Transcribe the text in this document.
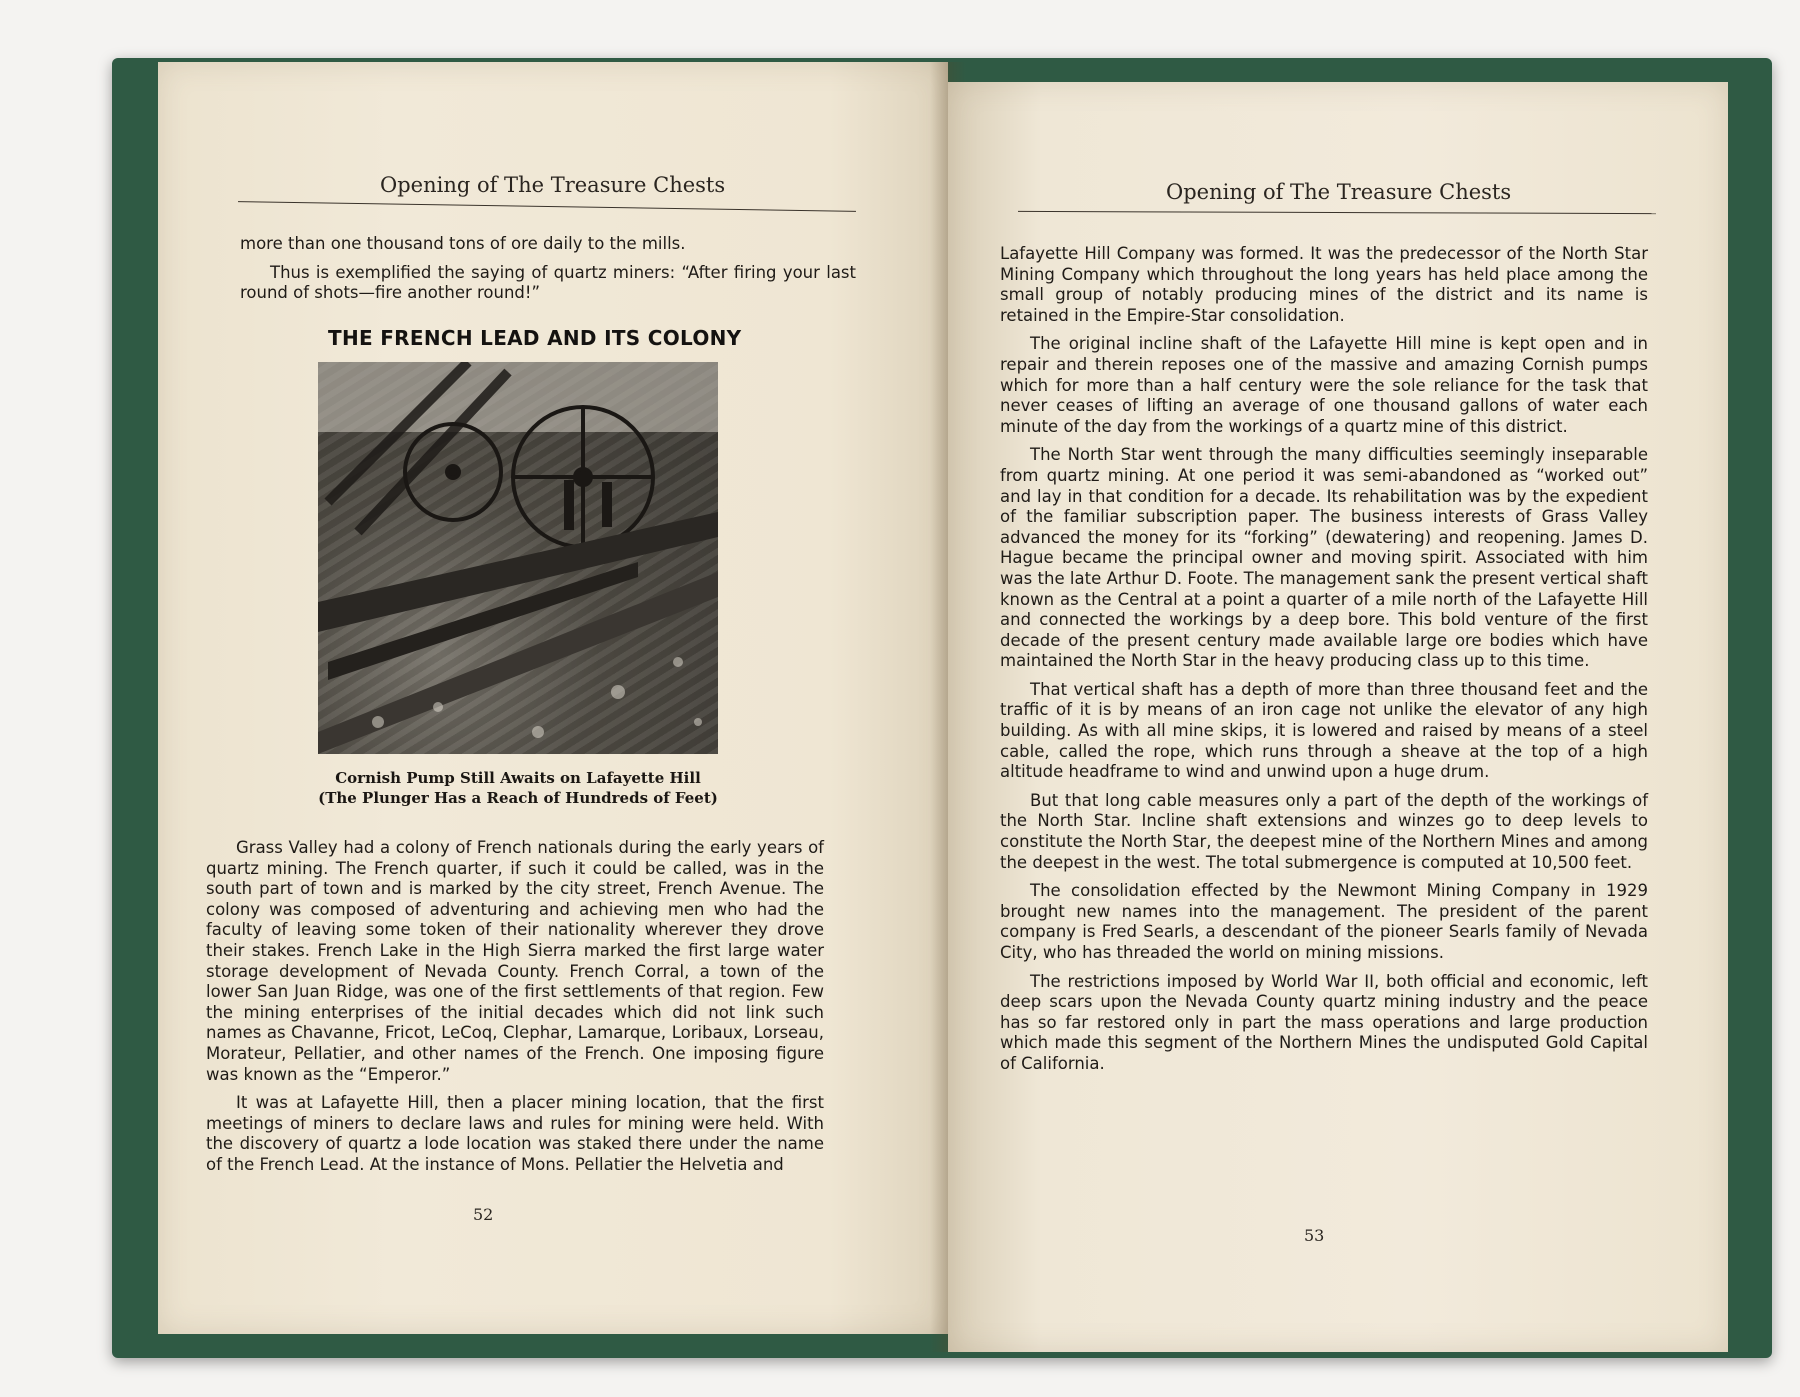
Opening of The Treasure Chests

more than one thousand tons of ore daily to the mills.

Thus is exemplified the saying of quartz miners: “After firing your last round of shots—fire another round!”

THE FRENCH LEAD AND ITS COLONY
Cornish Pump Still Awaits on Lafayette Hill
(The Plunger Has a Reach of Hundreds of Feet)

Grass Valley had a colony of French nationals during the early years of quartz mining. The French quarter, if such it could be called, was in the south part of town and is marked by the city street, French Avenue. The colony was composed of adventuring and achieving men who had the faculty of leaving some token of their nationality wherever they drove their stakes. French Lake in the High Sierra marked the first large water storage development of Nevada County. French Corral, a town of the lower San Juan Ridge, was one of the first settlements of that region. Few the mining enterprises of the initial decades which did not link such names as Chavanne, Fricot, LeCoq, Clephar, Lamarque, Loribaux, Lorseau, Morateur, Pellatier, and other names of the French. One imposing figure was known as the “Emperor.”

It was at Lafayette Hill, then a placer mining location, that the first meetings of miners to declare laws and rules for mining were held. With the discovery of quartz a lode location was staked there under the name of the French Lead. At the instance of Mons. Pellatier the Helvetia and

52
Opening of The Treasure Chests

Lafayette Hill Company was formed. It was the predecessor of the North Star Mining Company which throughout the long years has held place among the small group of notably producing mines of the district and its name is retained in the Empire-Star consolidation.

The original incline shaft of the Lafayette Hill mine is kept open and in repair and therein reposes one of the massive and amazing Cornish pumps which for more than a half century were the sole reliance for the task that never ceases of lifting an average of one thousand gallons of water each minute of the day from the workings of a quartz mine of this district.

The North Star went through the many difficulties seemingly inseparable from quartz mining. At one period it was semi-abandoned as “worked out” and lay in that condition for a decade. Its rehabilitation was by the expedient of the familiar subscription paper. The business interests of Grass Valley advanced the money for its “forking” (dewatering) and reopening. James D. Hague became the principal owner and moving spirit. Associated with him was the late Arthur D. Foote. The management sank the present vertical shaft known as the Central at a point a quarter of a mile north of the Lafayette Hill and connected the workings by a deep bore. This bold venture of the first decade of the present century made available large ore bodies which have maintained the North Star in the heavy producing class up to this time.

That vertical shaft has a depth of more than three thousand feet and the traffic of it is by means of an iron cage not unlike the elevator of any high building. As with all mine skips, it is lowered and raised by means of a steel cable, called the rope, which runs through a sheave at the top of a high altitude headframe to wind and unwind upon a huge drum.

But that long cable measures only a part of the depth of the workings of the North Star. Incline shaft extensions and winzes go to deep levels to constitute the North Star, the deepest mine of the Northern Mines and among the deepest in the west. The total submergence is computed at 10,500 feet.

The consolidation effected by the Newmont Mining Company in 1929 brought new names into the management. The president of the parent company is Fred Searls, a descendant of the pioneer Searls family of Nevada City, who has threaded the world on mining missions.

The restrictions imposed by World War II, both official and economic, left deep scars upon the Nevada County quartz mining industry and the peace has so far restored only in part the mass operations and large production which made this segment of the Northern Mines the undisputed Gold Capital of California.

53
